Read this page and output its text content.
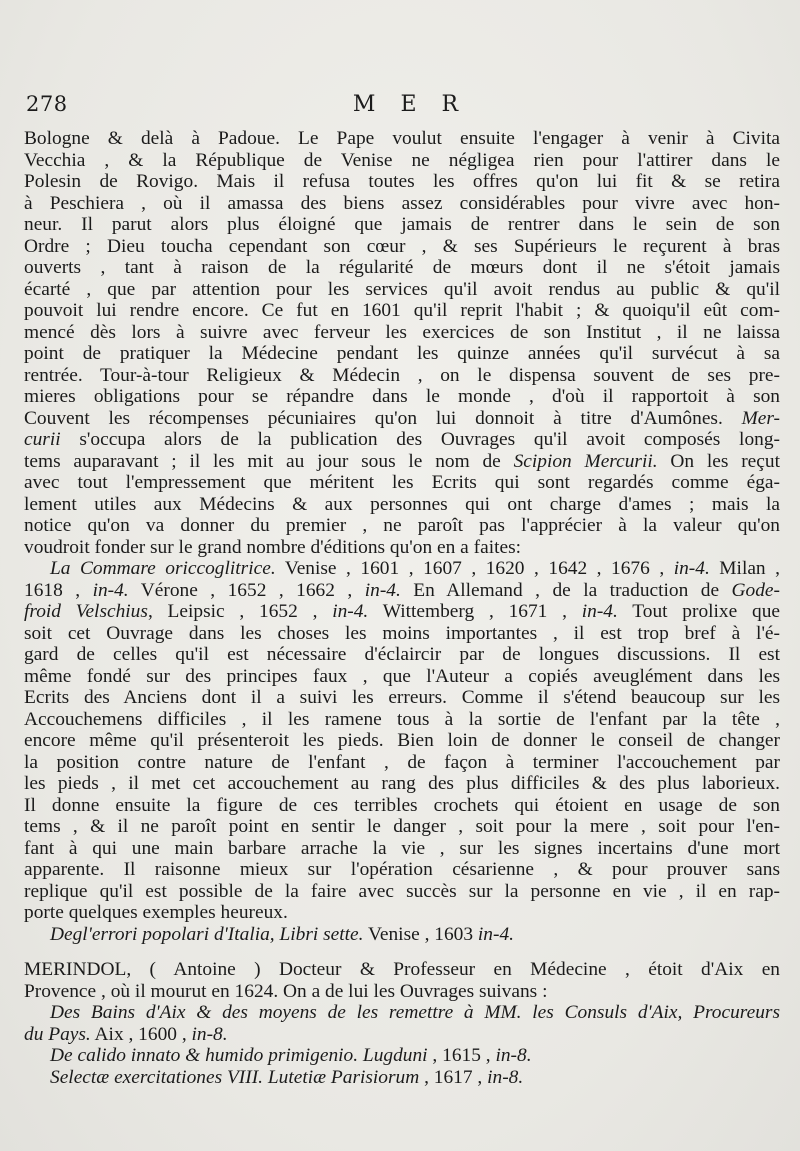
278	M E R
Bologne & delà à Padoue. Le Pape voulut ensuite l'engager à venir à Civita
Vecchia , & la République de Venise ne négligea rien pour l'attirer dans le
Polesin de Rovigo. Mais il refusa toutes les offres qu'on lui fit & se retira
à Peschiera , où il amassa des biens assez considérables pour vivre avec hon-
neur. Il parut alors plus éloigné que jamais de rentrer dans le sein de son
Ordre ; Dieu toucha cependant son cœur , & ses Supérieurs le reçurent à bras
ouverts , tant à raison de la régularité de mœurs dont il ne s'étoit jamais
écarté , que par attention pour les services qu'il avoit rendus au public & qu'il
pouvoit lui rendre encore. Ce fut en 1601 qu'il reprit l'habit ; & quoiqu'il eût com-
mencé dès lors à suivre avec ferveur les exercices de son Institut , il ne laissa
point de pratiquer la Médecine pendant les quinze années qu'il survécut à sa
rentrée. Tour-à-tour Religieux & Médecin , on le dispensa souvent de ses pre-
mieres obligations pour se répandre dans le monde , d'où il rapportoit à son
Couvent les récompenses pécuniaires qu'on lui donnoit à titre d'Aumônes. Mer-
curii s'occupa alors de la publication des Ouvrages qu'il avoit composés long-
tems auparavant ; il les mit au jour sous le nom de Scipion Mercurii. On les reçut
avec tout l'empressement que méritent les Ecrits qui sont regardés comme éga-
lement utiles aux Médecins & aux personnes qui ont charge d'ames ; mais la
notice qu'on va donner du premier , ne paroît pas l'apprécier à la valeur qu'on
voudroit fonder sur le grand nombre d'éditions qu'on en a faites:
La Commare oriccoglitrice. Venise , 1601 , 1607 , 1620 , 1642 , 1676 , in-4. Milan ,
1618 , in-4. Vérone , 1652 , 1662 , in-4. En Allemand , de la traduction de Gode-
froid Velschius, Leipsic , 1652 , in-4. Wittemberg , 1671 , in-4. Tout prolixe que
soit cet Ouvrage dans les choses les moins importantes , il est trop bref à l'é-
gard de celles qu'il est nécessaire d'éclaircir par de longues discussions. Il est
même fondé sur des principes faux , que l'Auteur a copiés aveuglément dans les
Ecrits des Anciens dont il a suivi les erreurs. Comme il s'étend beaucoup sur les
Accouchemens difficiles , il les ramene tous à la sortie de l'enfant par la tête ,
encore même qu'il présenteroit les pieds. Bien loin de donner le conseil de changer
la position contre nature de l'enfant , de façon à terminer l'accouchement par
les pieds , il met cet accouchement au rang des plus difficiles & des plus laborieux.
Il donne ensuite la figure de ces terribles crochets qui étoient en usage de son
tems , & il ne paroît point en sentir le danger , soit pour la mere , soit pour l'en-
fant à qui une main barbare arrache la vie , sur les signes incertains d'une mort
apparente. Il raisonne mieux sur l'opération césarienne , & pour prouver sans
replique qu'il est possible de la faire avec succès sur la personne en vie , il en rap-
porte quelques exemples heureux.
Degl'errori popolari d'Italia, Libri sette. Venise , 1603 in-4.
MERINDOL, ( Antoine ) Docteur & Professeur en Médecine , étoit d'Aix en
Provence , où il mourut en 1624. On a de lui les Ouvrages suivans :
Des Bains d'Aix & des moyens de les remettre à MM. les Consuls d'Aix, Procureurs
du Pays. Aix , 1600 , in-8.
De calido innato & humido primigenio. Lugduni , 1615 , in-8.
Selectæ exercitationes VIII. Lutetiæ Parisiorum , 1617 , in-8.
